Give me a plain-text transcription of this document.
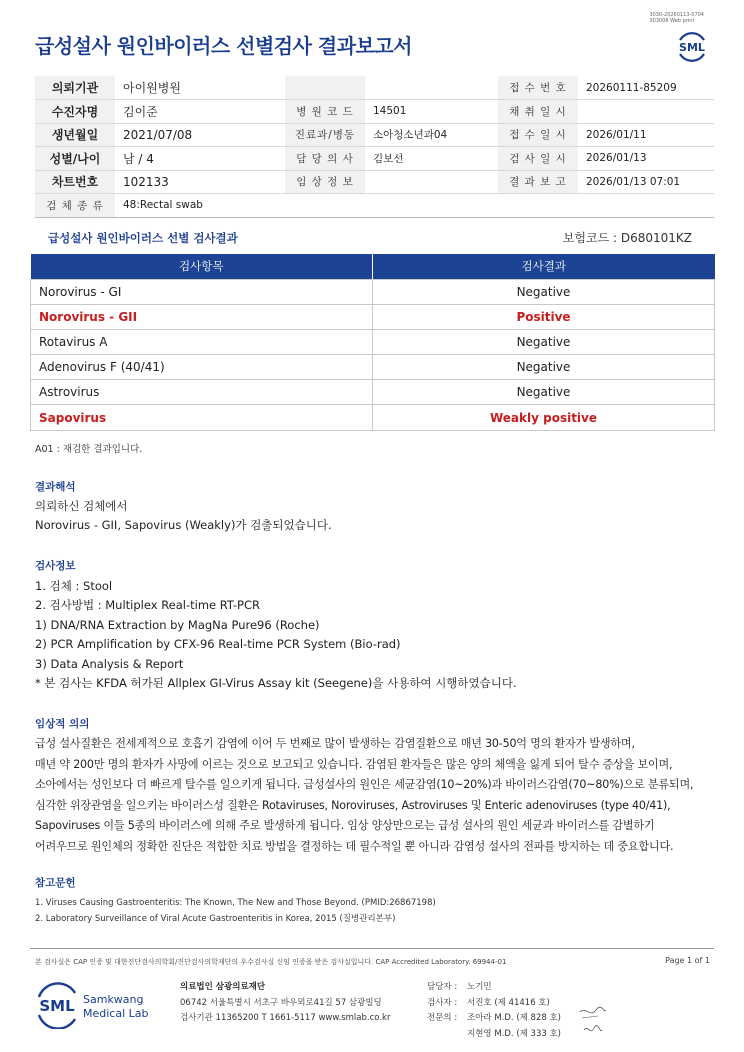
3030-20260113-0704
303006 Web print
급성설사 원인바이러스 선별검사 결과보고서	SML
의뢰기관	아이원병원			접 수 번 호	20260111-85209
수진자명	김이준	병 원 코 드	14501	채 취 일 시	
생년월일	2021/07/08	진료과/병동	소아청소년과04	접 수 일 시	2026/01/11
성별/나이	남 / 4	담 당 의 사	김보선	검 사 일 시	2026/01/13
차트번호	102133	임 상 정 보		결 과 보 고	2026/01/13 07:01
검 체 종 류	48:Rectal swab				
급성설사 원인바이러스 선별 검사결과	보험코드 : D680101KZ
검사항목	검사결과
Norovirus - GI	Negative
Norovirus - GII	Positive
Rotavirus A	Negative
Adenovirus F (40/41)	Negative
Astrovirus	Negative
Sapovirus	Weakly positive
A01 : 재검한 결과입니다.
결과해석
의뢰하신 검체에서
Norovirus - GII, Sapovirus (Weakly)가 검출되었습니다.
검사정보
1. 검체 : Stool
2. 검사방법 : Multiplex Real-time RT-PCR
1) DNA/RNA Extraction by MagNa Pure96 (Roche)
2) PCR Amplification by CFX-96 Real-time PCR System (Bio-rad)
3) Data Analysis & Report
* 본 검사는 KFDA 허가된 Allplex GI-Virus Assay kit (Seegene)을 사용하여 시행하였습니다.
임상적 의의
급성 설사질환은 전세계적으로 호흡기 감염에 이어 두 번째로 많이 발생하는 감염질환으로 매년 30-50억 명의 환자가 발생하며,
매년 약 200만 명의 환자가 사망에 이르는 것으로 보고되고 있습니다. 감염된 환자들은 많은 양의 체액을 잃게 되어 탈수 증상을 보이며,
소아에서는 성인보다 더 빠르게 탈수를 일으키게 됩니다. 급성설사의 원인은 세균감염(10~20%)과 바이러스감염(70~80%)으로 분류되며,
심각한 위장관염을 일으키는 바이러스성 질환은 Rotaviruses, Noroviruses, Astroviruses 및 Enteric adenoviruses (type 40/41),
Sapoviruses 이들 5종의 바이러스에 의해 주로 발생하게 됩니다. 임상 양상만으로는 급성 설사의 원인 세균과 바이러스를 감별하기
어려우므로 원인체의 정확한 진단은 적합한 치료 방법을 결정하는 데 필수적일 뿐 아니라 감염성 설사의 전파를 방지하는 데 중요합니다.
참고문헌
1. Viruses Causing Gastroenteritis: The Known, The New and Those Beyond. (PMID:26867198)
2. Laboratory Surveillance of Viral Acute Gastroenteritis in Korea, 2015 (질병관리본부)
본 검사실은 CAP 인증 및 대한진단검사의학회/진단검사의학재단의 우수검사실 신임 인증을 받은 검사실입니다. CAP Accredited Laboratory. 69944-01	Page 1 of 1
SML Samkwang
Medical Lab
의료법인 삼광의료재단
06742 서울특별시 서초구 바우뫼로41길 57 삼광빌딩
검사기관 11365200 T 1661-5117 www.smlab.co.kr
담당자 :	노기민
검사자 :	서진호 (제 41416 호)
전문의 :	조아라 M.D. (제 828 호)
지현영 M.D. (제 333 호)
